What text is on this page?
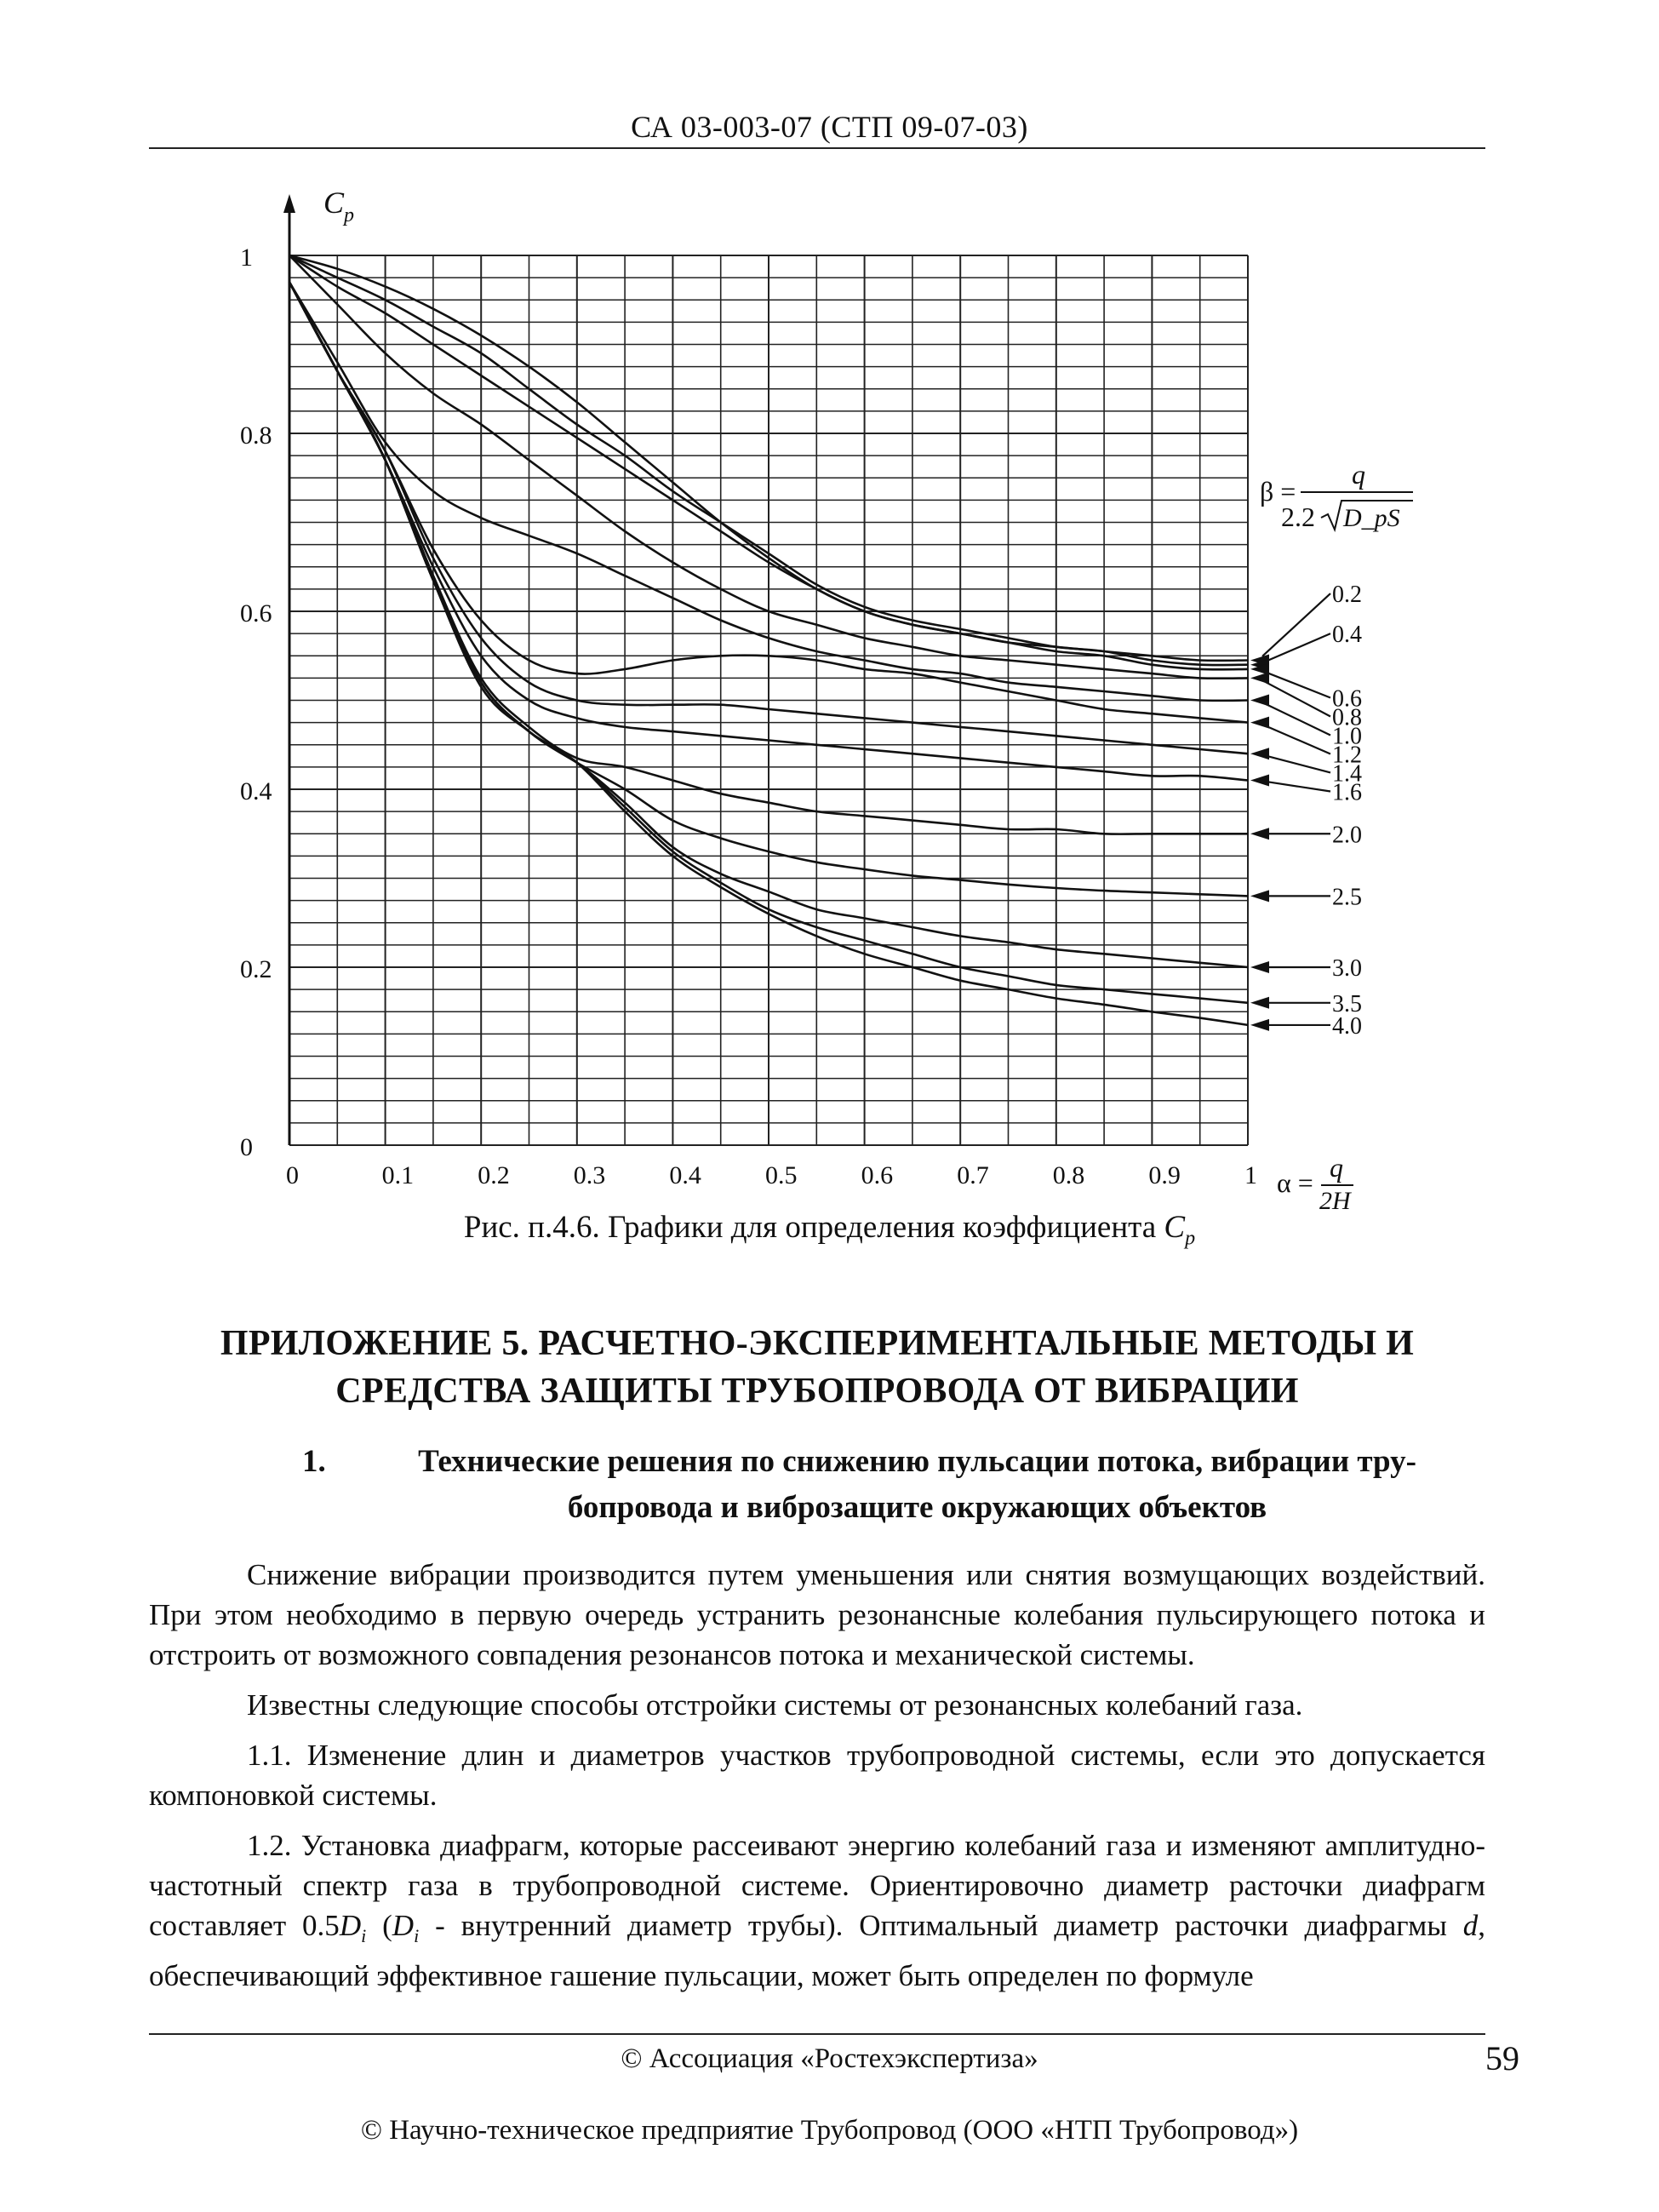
СА 03-003-07 (СТП 09-07-03)
0
0.2
0.4
0.6
0.8
1
0	0.1	0.2	0.3	0.4	0.5	0.6	0.7	0.8	0.9	1
0.2
0.4
0.6
0.8
1.0
1.2
1.4
1.6
2.0
2.5
3.0
3.5
4.0
$C_p$
β =
q
2.2 D_pS
α = q
2H
Рис. п.4.6. Графики для определения коэффициента $C_p$
ПРИЛОЖЕНИЕ 5. РАСЧЕТНО-ЭКСПЕРИМЕНТАЛЬНЫЕ МЕТОДЫ И
СРЕДСТВА ЗАЩИТЫ ТРУБОПРОВОДА ОТ ВИБРАЦИИ
1.	Технические решения по снижению пульсации потока, вибрации тру-
бопровода и виброзащите окружающих объектов

Снижение вибрации производится путем уменьшения или снятия возмущающих воздействий. При этом необходимо в первую очередь устранить резонансные колебания пульсирующего потока и отстроить от возможного совпадения резонансов потока и механической системы.

Известны следующие способы отстройки системы от резонансных колебаний газа.

1.1. Изменение длин и диаметров участков трубопроводной системы, если это допускается компоновкой системы.

1.2. Установка диафрагм, которые рассеивают энергию колебаний газа и изменяют амплитудно-частотный спектр газа в трубопроводной системе. Ориентировочно диаметр расточки диафрагм составляет $0.5D_i$ ($D_i$ - внутренний диаметр трубы). Оптимальный диаметр расточки диафрагмы d, обеспечивающий эффективное гашение пульсации, может быть определен по формуле

© Ассоциация «Ростехэкспертиза»	59
© Научно-техническое предприятие Трубопровод (ООО «НТП Трубопровод»)
